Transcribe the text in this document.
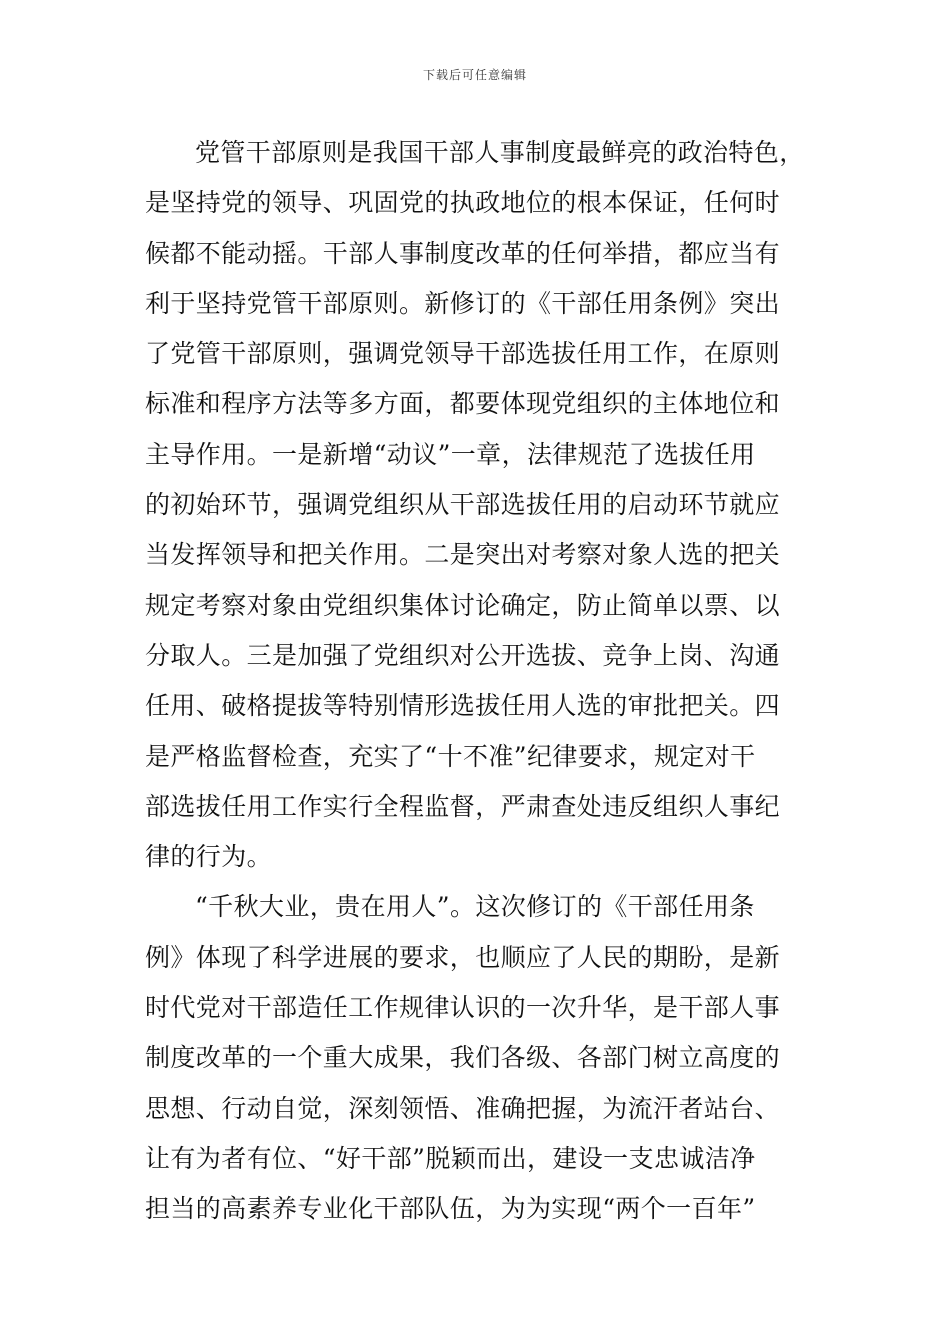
下载后可任意编辑
党管干部原则是我国干部人事制度最鲜亮的政治特色，
是坚持党的领导、巩固党的执政地位的根本保证，任何时
候都不能动摇。干部人事制度改革的任何举措，都应当有
利于坚持党管干部原则。新修订的《干部任用条例》突出
了党管干部原则，强调党领导干部选拔任用工作，在原则
标准和程序方法等多方面，都要体现党组织的主体地位和
主导作用。一是新增“动议”一章，法律规范了选拔任用
的初始环节，强调党组织从干部选拔任用的启动环节就应
当发挥领导和把关作用。二是突出对考察对象人选的把关
规定考察对象由党组织集体讨论确定，防止简单以票、以
分取人。三是加强了党组织对公开选拔、竞争上岗、沟通
任用、破格提拔等特别情形选拔任用人选的审批把关。四
是严格监督检查，充实了“十不准”纪律要求，规定对干
部选拔任用工作实行全程监督，严肃查处违反组织人事纪
律的行为。
“千秋大业，贵在用人”。这次修订的《干部任用条
例》体现了科学进展的要求，也顺应了人民的期盼，是新
时代党对干部造任工作规律认识的一次升华，是干部人事
制度改革的一个重大成果，我们各级、各部门树立高度的
思想、行动自觉，深刻领悟、准确把握，为流汗者站台、
让有为者有位、“好干部”脱颖而出，建设一支忠诚洁净
担当的高素养专业化干部队伍，为为实现“两个一百年”
